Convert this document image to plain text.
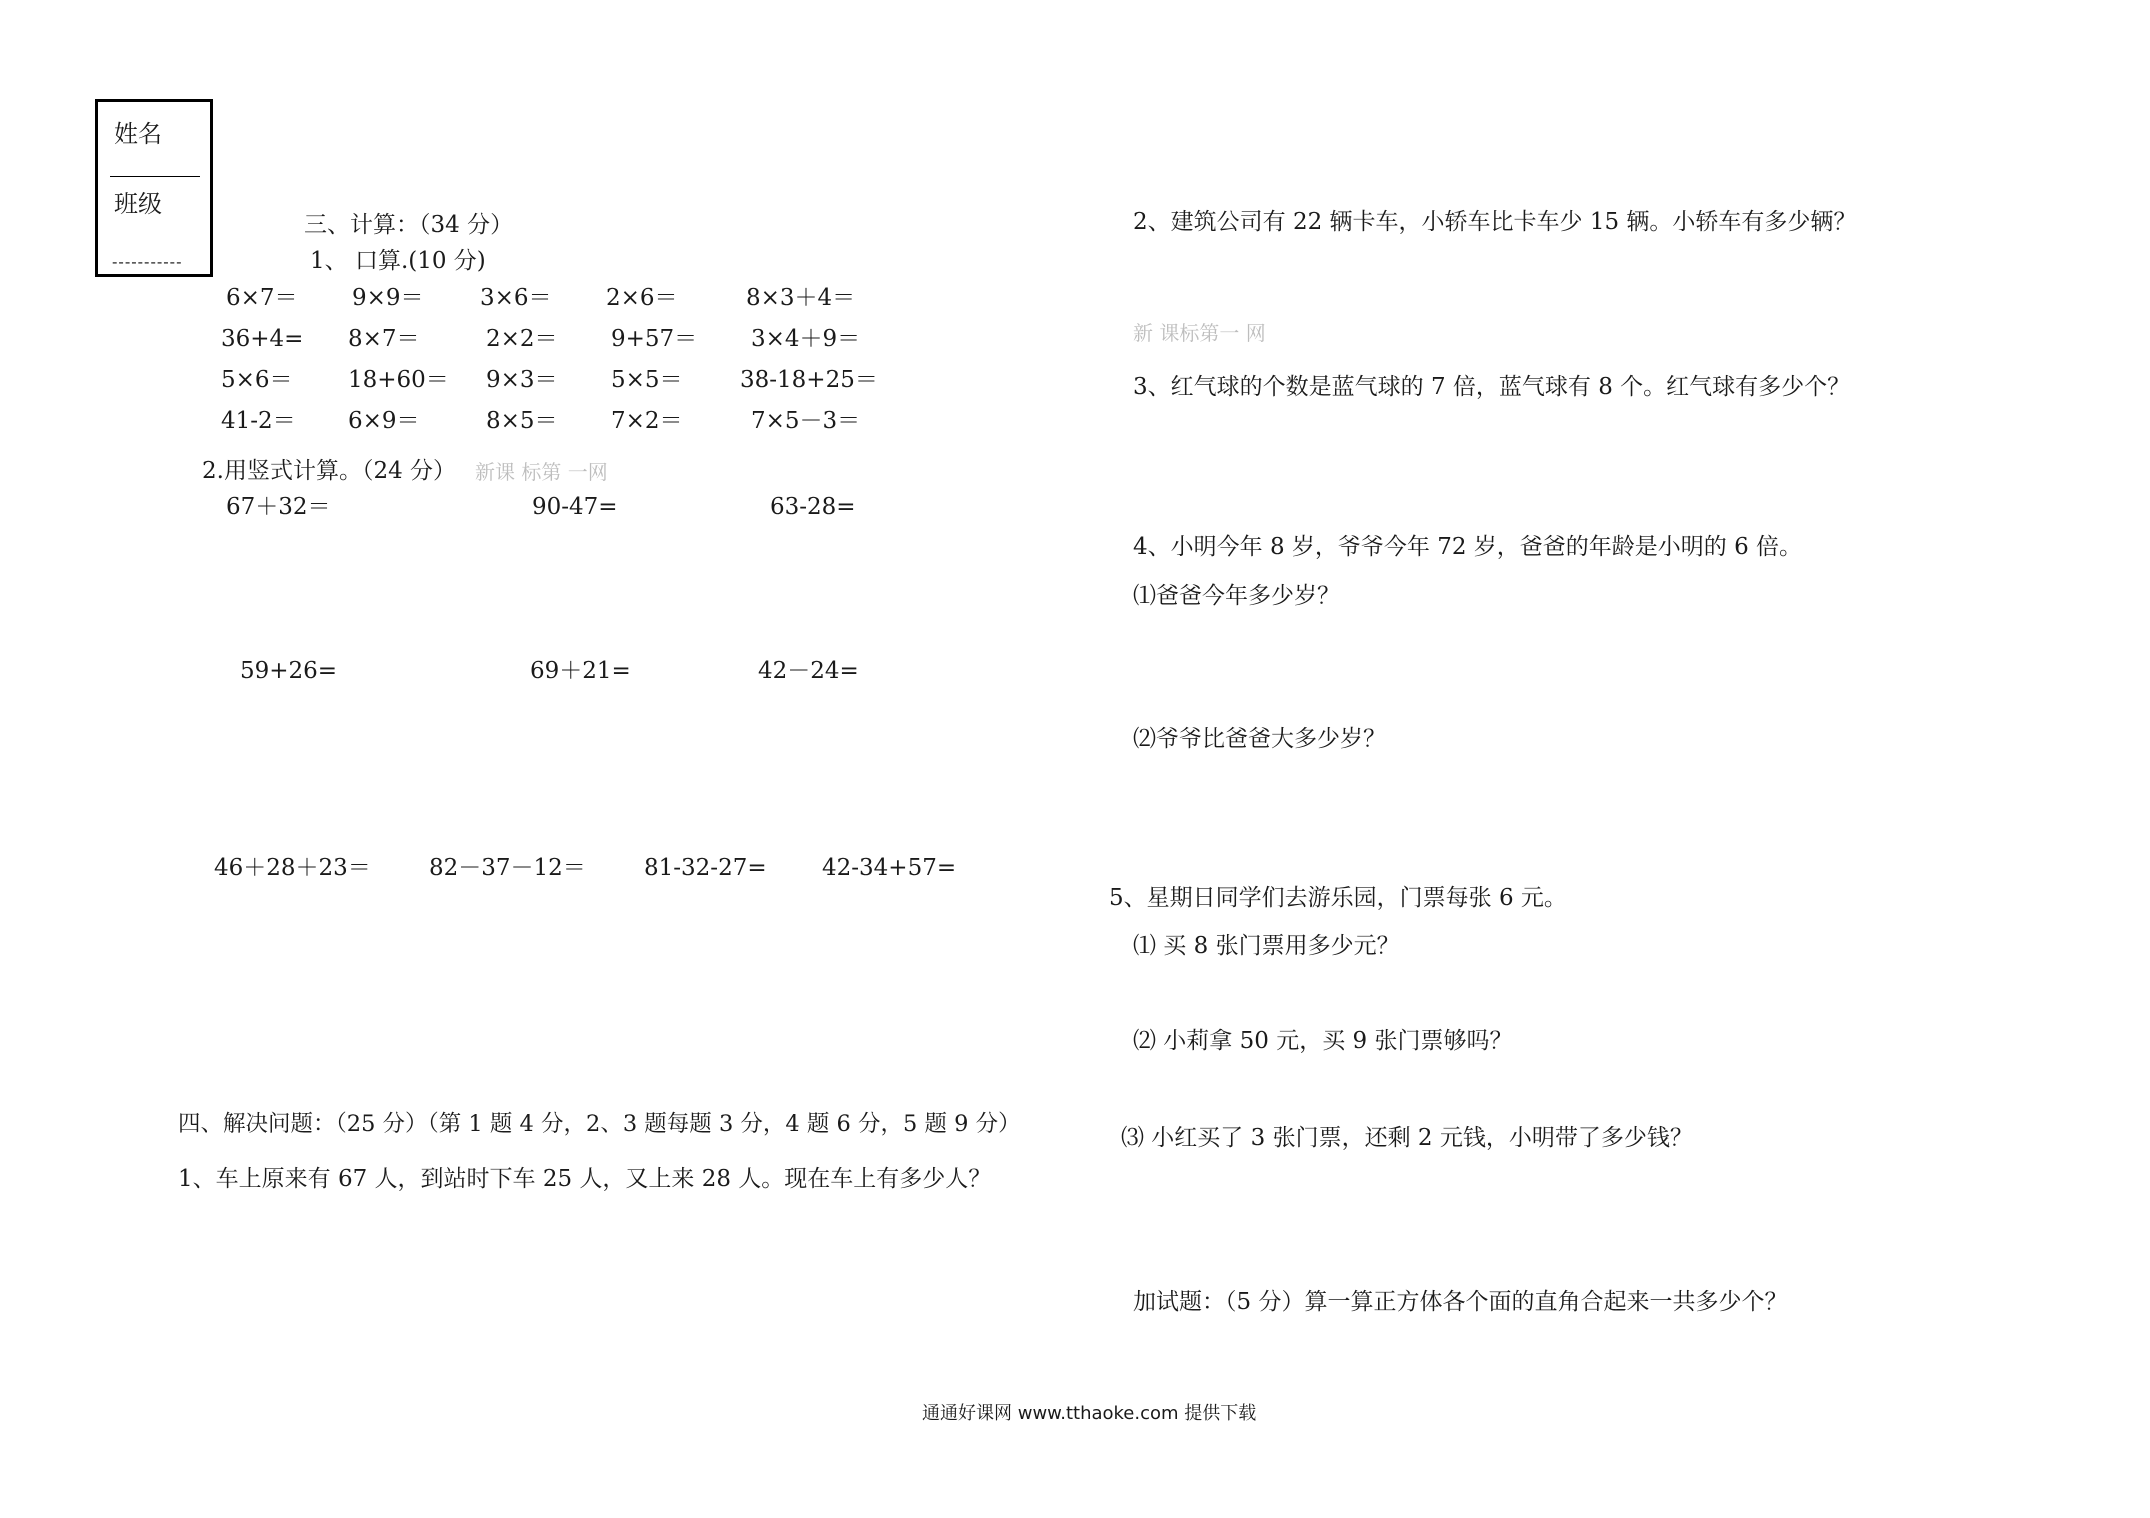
姓名
班级
-----------
三、计算：（34 分）
1、 口算.(10 分)
6×7＝ 9×9＝ 3×6＝ 2×6＝	8×3＋4＝
36+4= 8×7＝	2×2＝ 9+57＝ 3×4＋9＝
5×6＝ 18+60＝ 9×3＝ 5×5＝ 38-18+25＝
41-2＝ 6×9＝	8×5＝ 7×2＝	7×5－3＝
2.用竖式计算。（24 分） 新课 标第 一网
67＋32＝	90-47=	63-28=
59+26=	69＋21=	42－24=
46＋28＋23＝	82－37－12＝	81-32-27= 42-34+57=
四、解决问题：（25 分）（第 1 题 4 分，2、3 题每题 3 分，4 题 6 分，5 题 9 分）
1、车上原来有 67 人，到站时下车 25 人，又上来 28 人。现在车上有多少人？
2、建筑公司有 22 辆卡车，小轿车比卡车少 15 辆。小轿车有多少辆？
新 课标第一 网
3、红气球的个数是蓝气球的 7 倍，蓝气球有 8 个。红气球有多少个？
4、小明今年 8 岁，爷爷今年 72 岁，爸爸的年龄是小明的 6 倍。
⑴爸爸今年多少岁？
⑵爷爷比爸爸大多少岁？
5、星期日同学们去游乐园，门票每张 6 元。
⑴ 买 8 张门票用多少元？
⑵ 小莉拿 50 元，买 9 张门票够吗？
⑶ 小红买了 3 张门票，还剩 2 元钱，小明带了多少钱？
加试题：（5 分）算一算正方体各个面的直角合起来一共多少个？
通通好课网 www.tthaoke.com 提供下载
